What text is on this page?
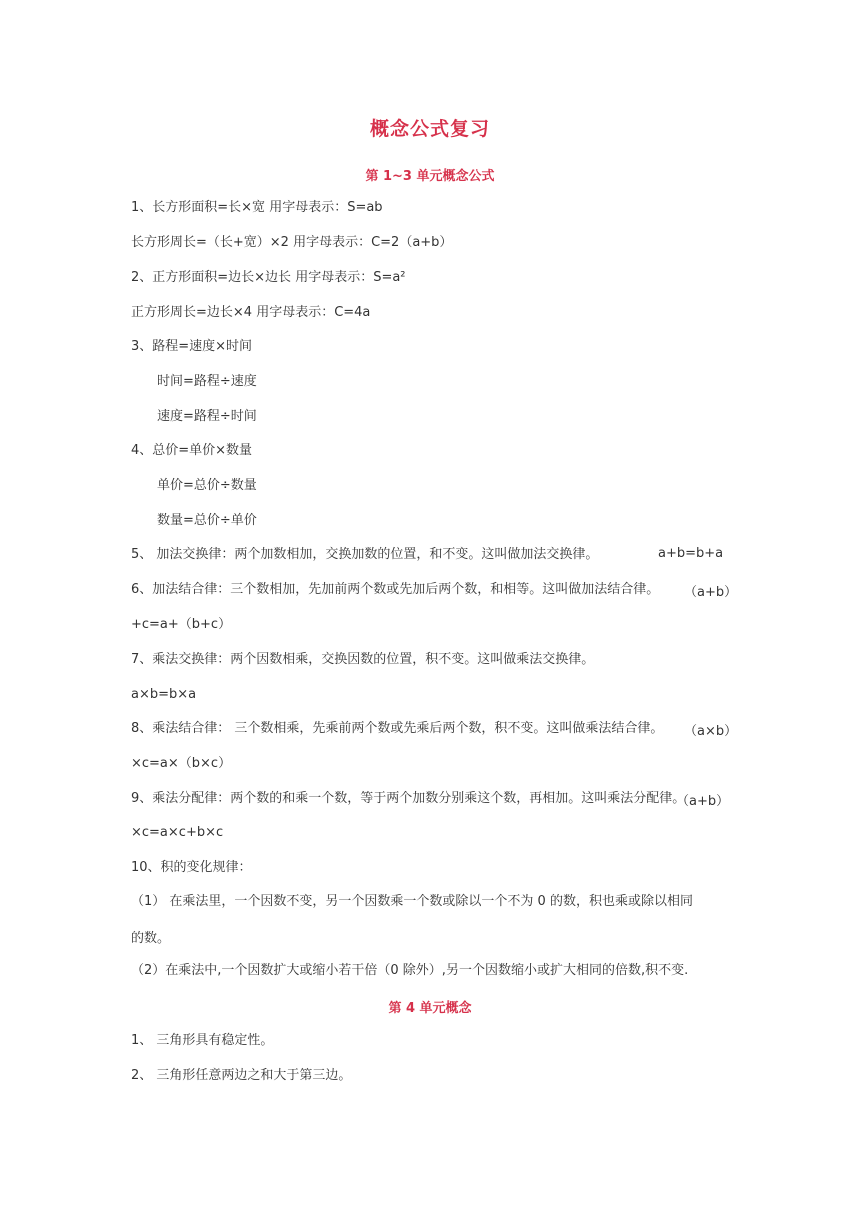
概念公式复习
第 1~3 单元概念公式
1、长方形面积=长×宽 用字母表示：S=ab
长方形周长=（长+宽）×2 用字母表示：C=2（a+b）
2、正方形面积=边长×边长 用字母表示：S=a²
正方形周长=边长×4 用字母表示：C=4a
3、路程=速度×时间
时间=路程÷速度
速度=路程÷时间
4、总价=单价×数量
单价=总价÷数量
数量=总价÷单价
5、 加法交换律：两个加数相加，交换加数的位置，和不变。这叫做加法交换律。	a+b=b+a
6、加法结合律：三个数相加，先加前两个数或先加后两个数，和相等。这叫做加法结合律。	（a+b）
+c=a+（b+c）
7、乘法交换律：两个因数相乘，交换因数的位置，积不变。这叫做乘法交换律。
a×b=b×a
8、乘法结合律： 三个数相乘，先乘前两个数或先乘后两个数，积不变。这叫做乘法结合律。	（a×b）
×c=a×（b×c）
9、乘法分配律：两个数的和乘一个数，等于两个加数分别乘这个数，再相加。这叫乘法分配律。
（a+b）
×c=a×c+b×c
10、积的变化规律：
（1） 在乘法里，一个因数不变，另一个因数乘一个数或除以一个不为 0 的数，积也乘或除以相同
的数。
（2）在乘法中,一个因数扩大或缩小若干倍（0 除外）,另一个因数缩小或扩大相同的倍数,积不变.
第 4 单元概念
1、 三角形具有稳定性。
2、 三角形任意两边之和大于第三边。
